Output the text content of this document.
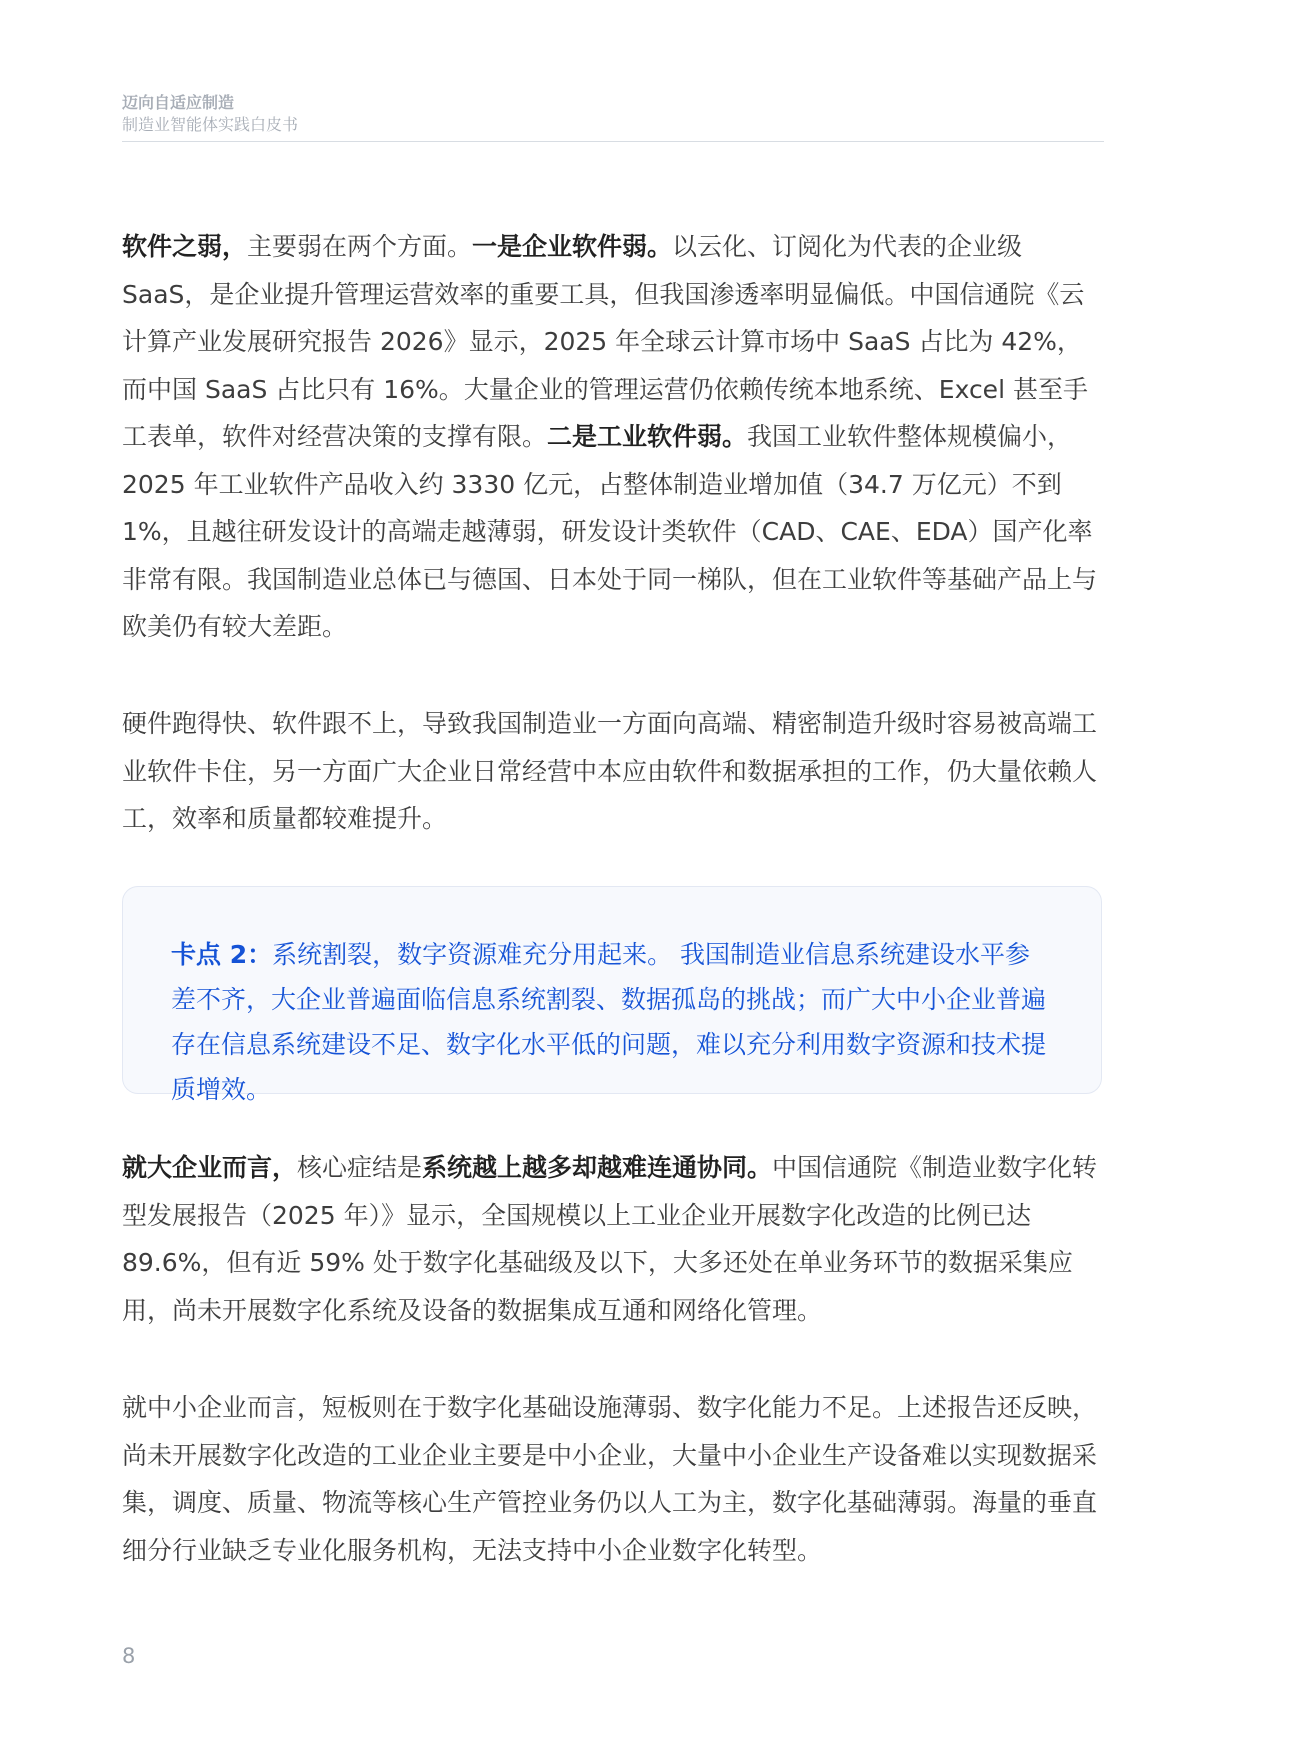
迈向自适应制造
制造业智能体实践白皮书

软件之弱，主要弱在两个方面。一是企业软件弱。以云化、订阅化为代表的企业级 SaaS，是企业提升管理运营效率的重要工具，但我国渗透率明显偏低。中国信通院《云计算产业发展研究报告 2026》显示，2025 年全球云计算市场中 SaaS 占比为 42%，而中国 SaaS 占比只有 16%。大量企业的管理运营仍依赖传统本地系统、Excel 甚至手工表单，软件对经营决策的支撑有限。二是工业软件弱。我国工业软件整体规模偏小，2025 年工业软件产品收入约 3330 亿元，占整体制造业增加值（34.7 万亿元）不到 1%，且越往研发设计的高端走越薄弱，研发设计类软件（CAD、CAE、EDA）国产化率非常有限。我国制造业总体已与德国、日本处于同一梯队，但在工业软件等基础产品上与欧美仍有较大差距。

硬件跑得快、软件跟不上，导致我国制造业一方面向高端、精密制造升级时容易被高端工业软件卡住，另一方面广大企业日常经营中本应由软件和数据承担的工作，仍大量依赖人工，效率和质量都较难提升。

卡点 2：系统割裂，数字资源难充分用起来。 我国制造业信息系统建设水平参差不齐，大企业普遍面临信息系统割裂、数据孤岛的挑战；而广大中小企业普遍存在信息系统建设不足、数字化水平低的问题，难以充分利用数字资源和技术提质增效。

就大企业而言，核心症结是系统越上越多却越难连通协同。中国信通院《制造业数字化转型发展报告（2025 年）》显示，全国规模以上工业企业开展数字化改造的比例已达 89.6%，但有近 59% 处于数字化基础级及以下，大多还处在单业务环节的数据采集应用，尚未开展数字化系统及设备的数据集成互通和网络化管理。

就中小企业而言，短板则在于数字化基础设施薄弱、数字化能力不足。上述报告还反映，尚未开展数字化改造的工业企业主要是中小企业，大量中小企业生产设备难以实现数据采集，调度、质量、物流等核心生产管控业务仍以人工为主，数字化基础薄弱。海量的垂直细分行业缺乏专业化服务机构，无法支持中小企业数字化转型。

8
